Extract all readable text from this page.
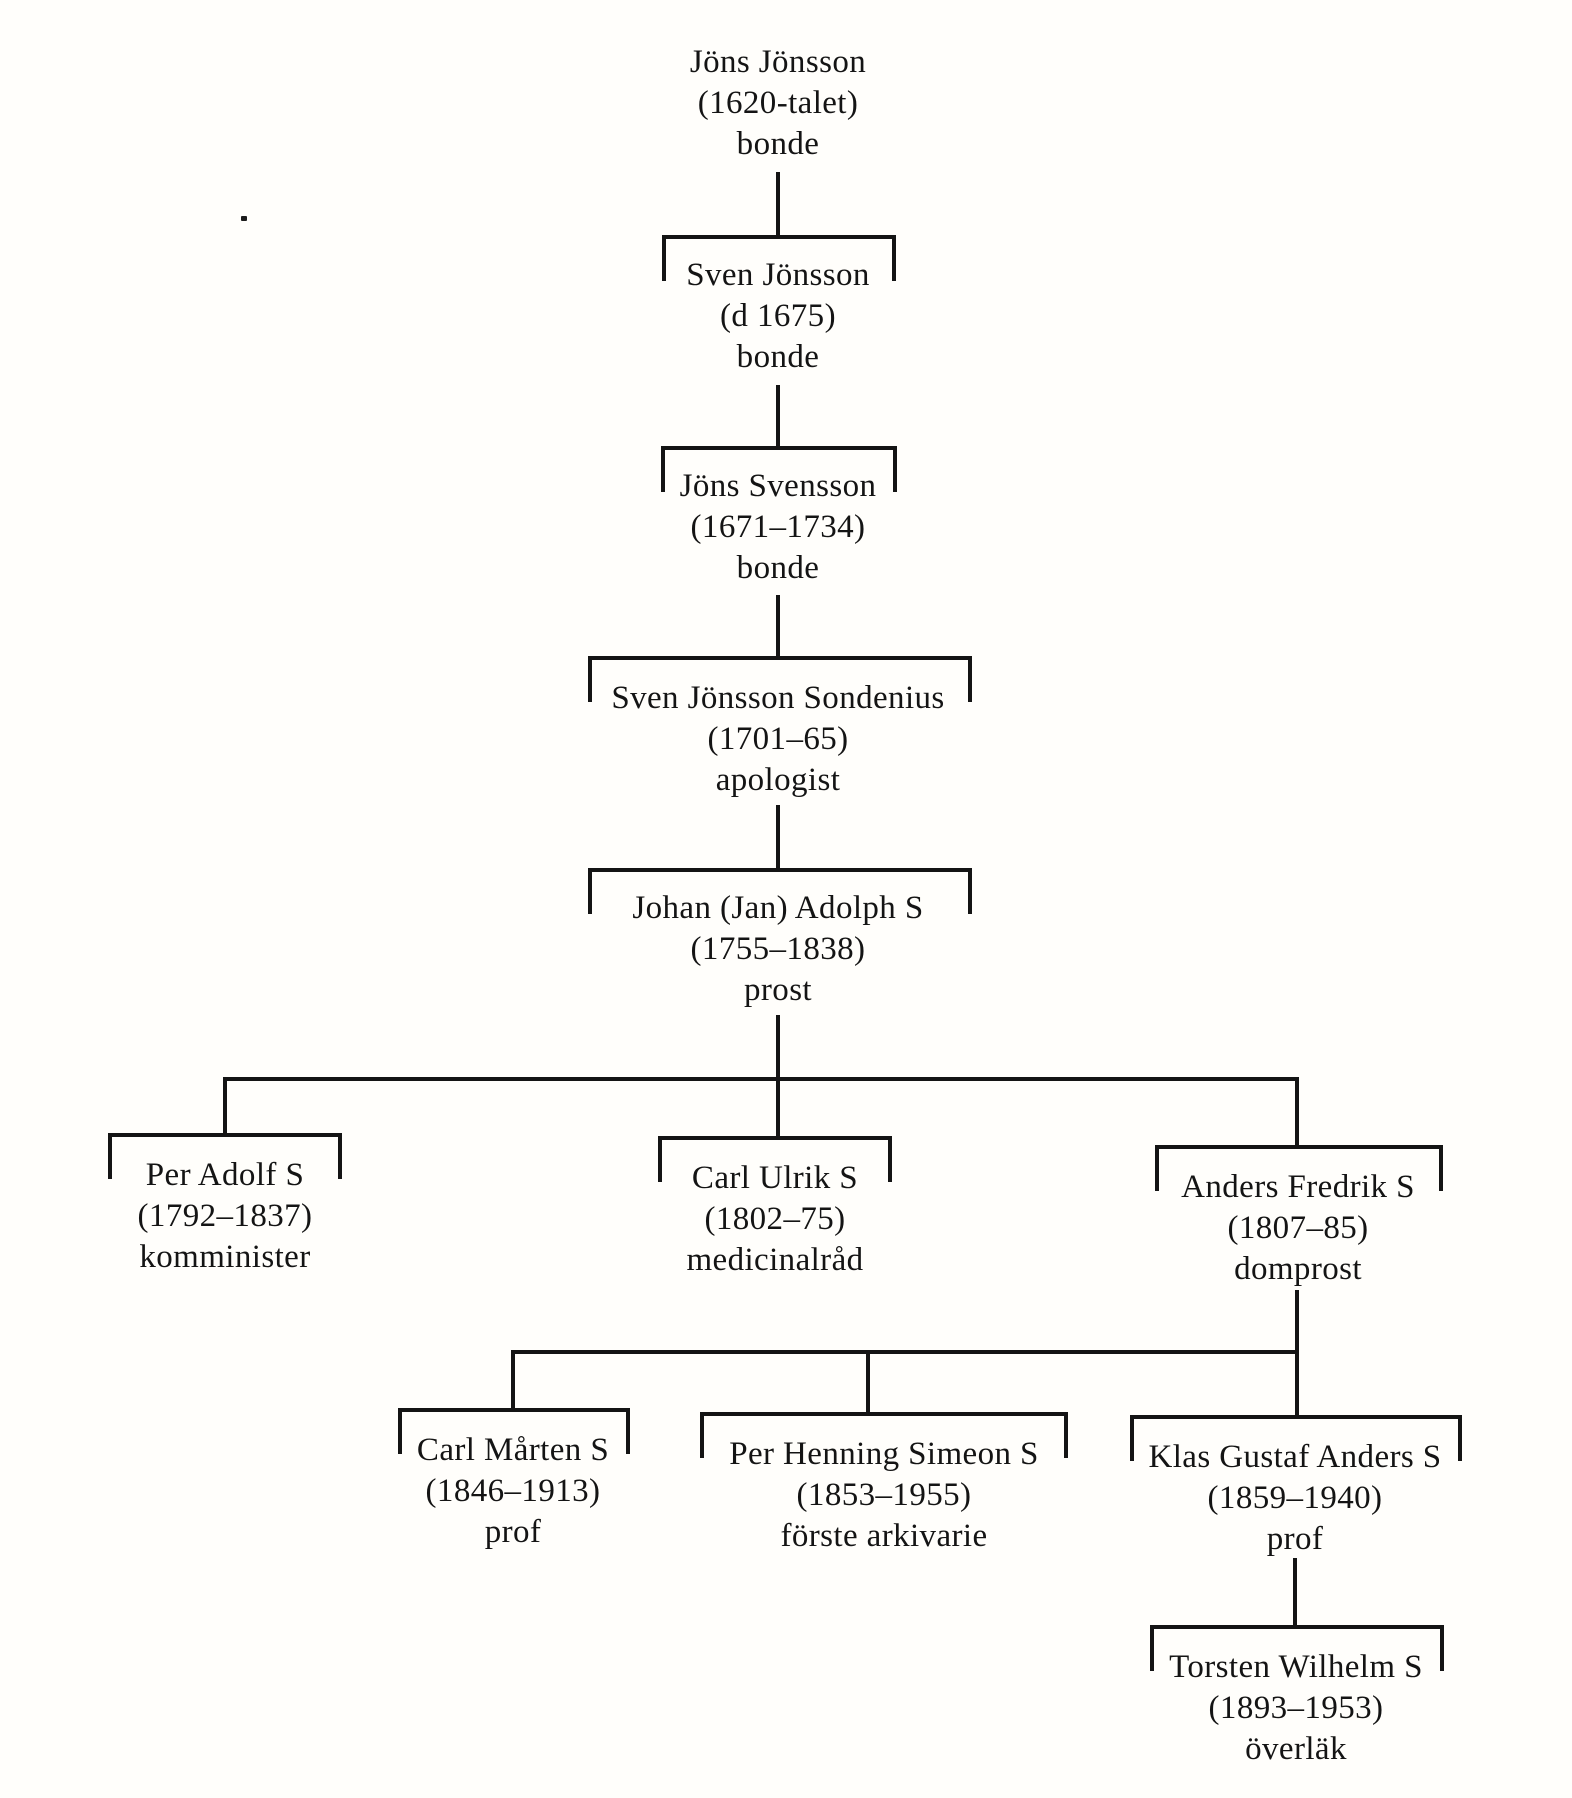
Jöns Jönsson
(1620-talet)
bonde
Sven Jönsson
(d 1675)
bonde
Jöns Svensson
(1671–1734)
bonde
Sven Jönsson Sondenius
(1701–65)
apologist
Johan (Jan) Adolph S
(1755–1838)
prost
Per Adolf S
(1792–1837)
komminister
Carl Ulrik S
(1802–75)
medicinalråd
Anders Fredrik S
(1807–85)
domprost
Carl Mårten S
(1846–1913)
prof
Per Henning Simeon S
(1853–1955)
förste arkivarie
Klas Gustaf Anders S
(1859–1940)
prof
Torsten Wilhelm S
(1893–1953)
överläk
